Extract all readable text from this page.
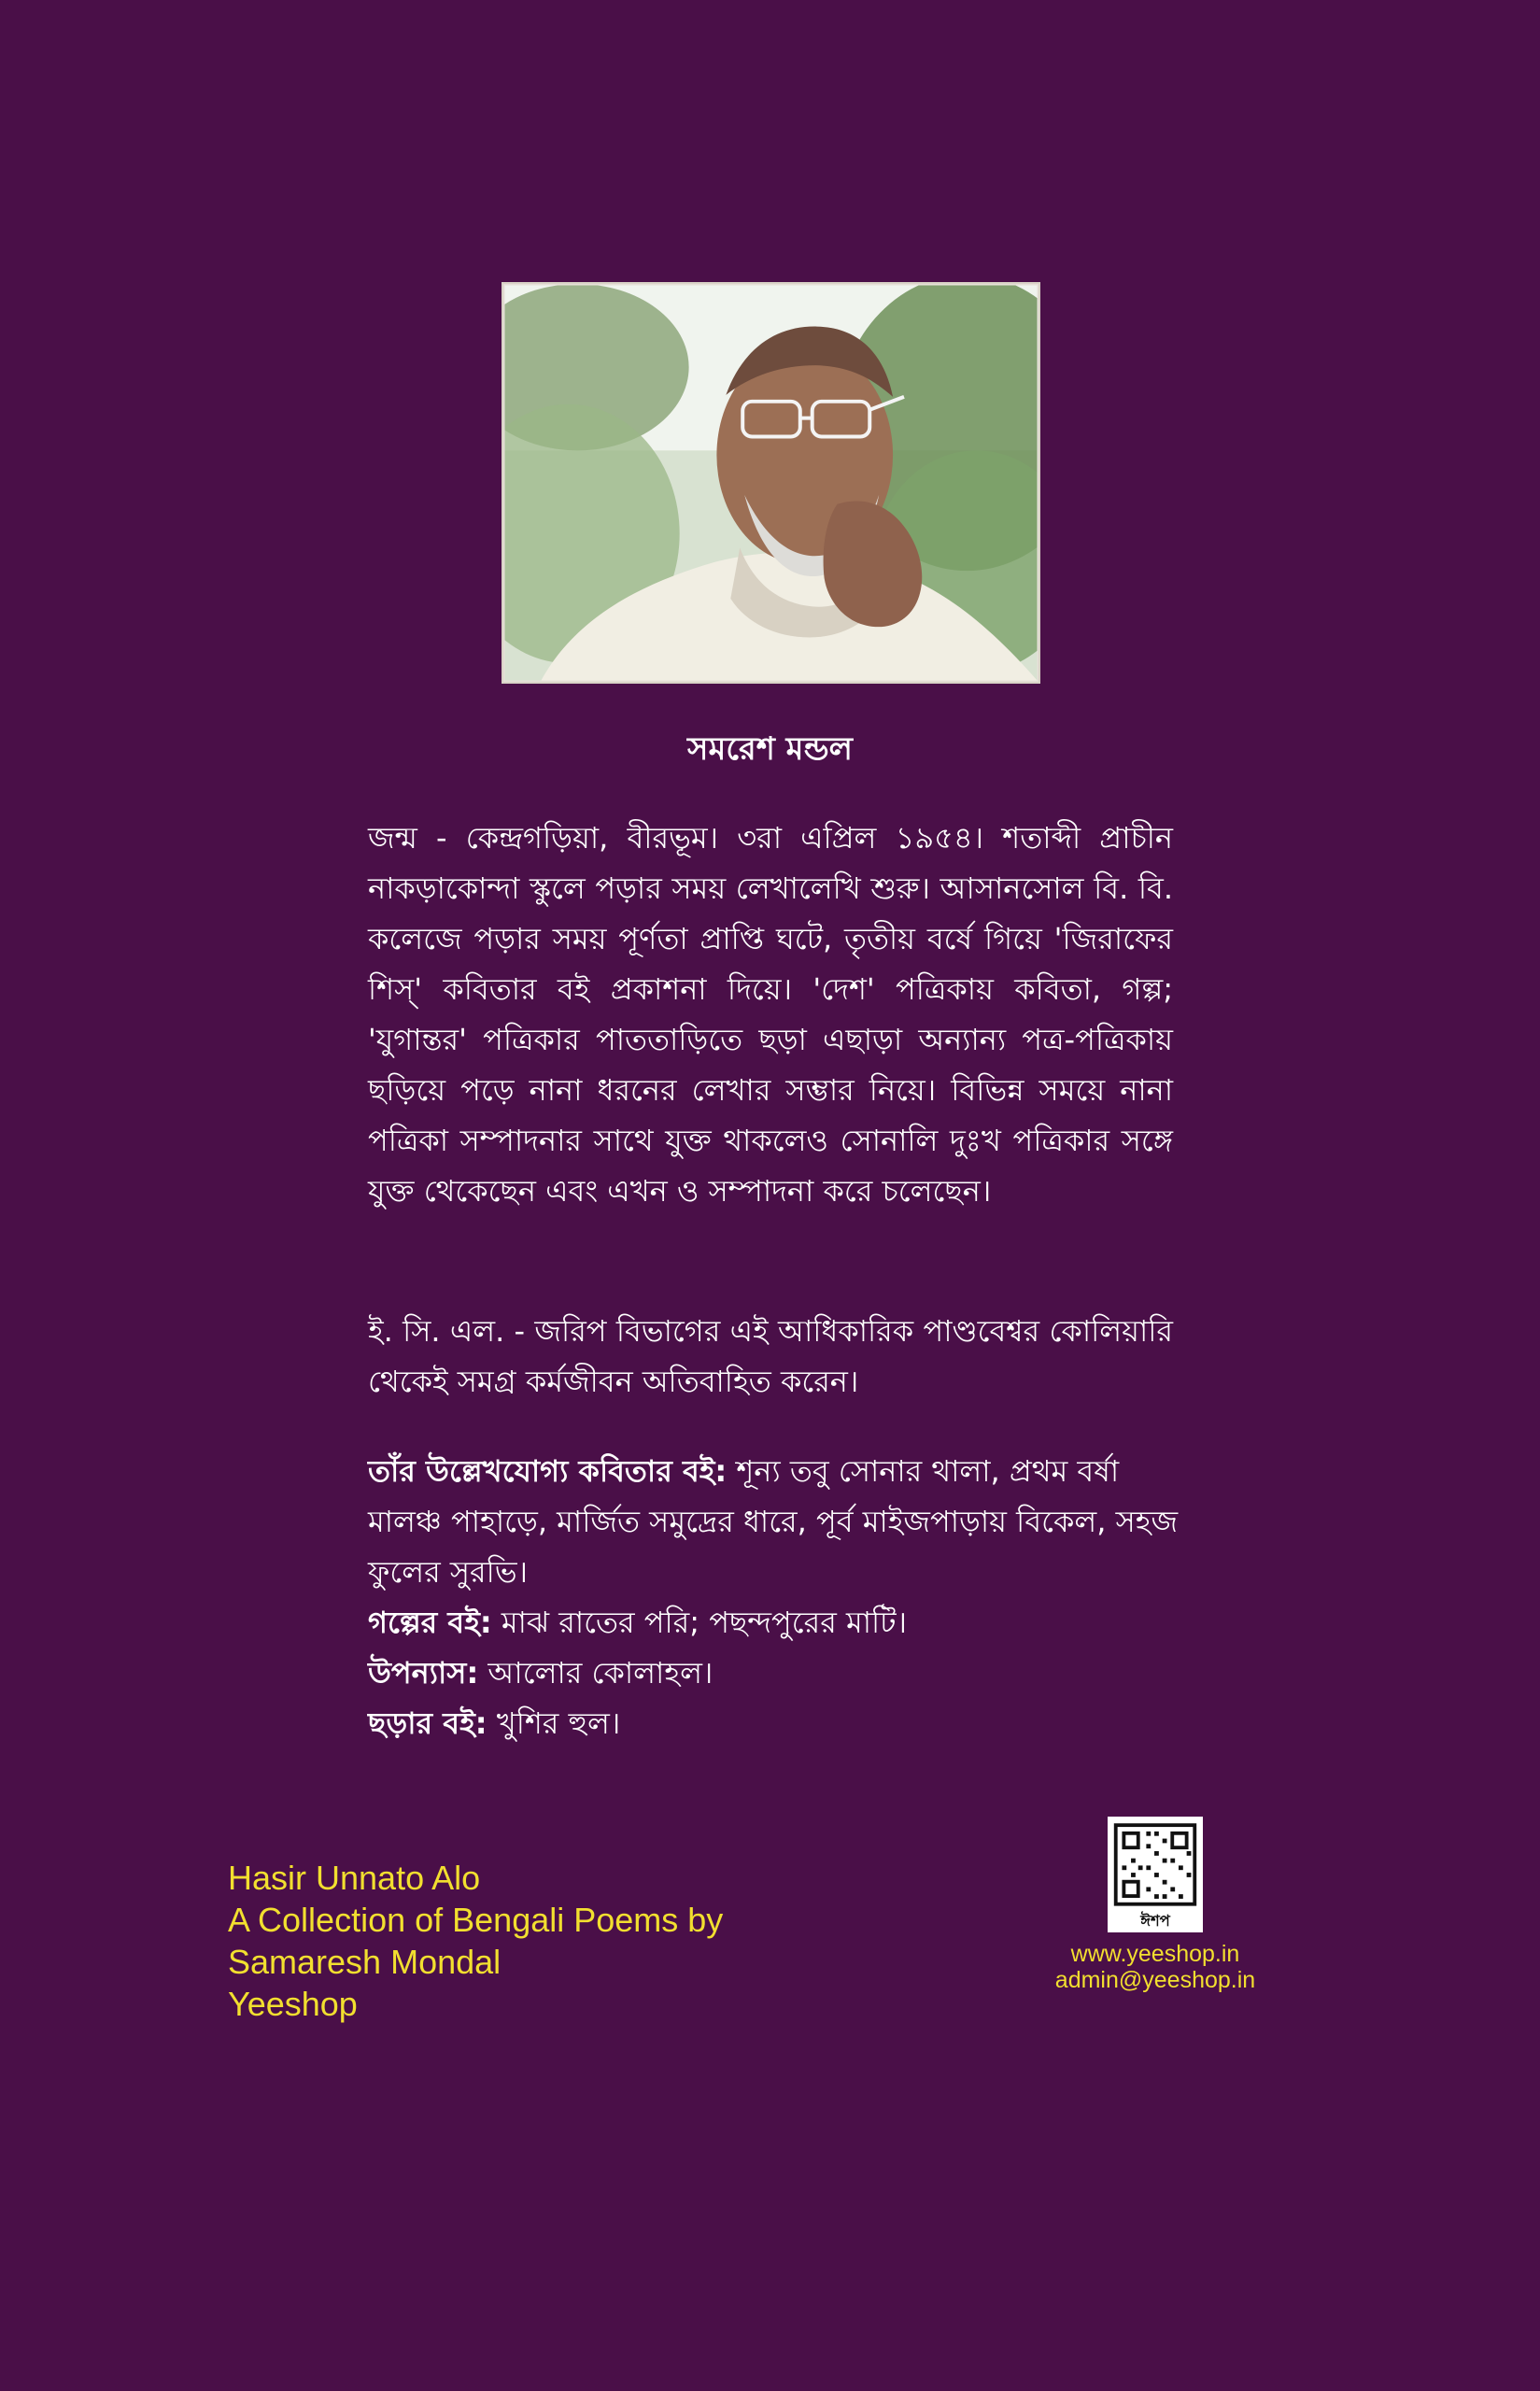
সমরেশ মন্ডল
জন্ম - কেন্দ্রগড়িয়া, বীরভূম। ৩রা এপ্রিল ১৯৫৪। শতাব্দী প্রাচীন নাকড়াকোন্দা স্কুলে পড়ার সময় লেখালেখি শুরু। আসানসোল বি. বি. কলেজে পড়ার সময় পূর্ণতা প্রাপ্তি ঘটে, তৃতীয় বর্ষে গিয়ে 'জিরাফের শিস্' কবিতার বই প্রকাশনা দিয়ে। 'দেশ' পত্রিকায় কবিতা, গল্প; 'যুগান্তর' পত্রিকার পাততাড়িতে ছড়া এছাড়া অন্যান্য পত্র-পত্রিকায় ছড়িয়ে পড়ে নানা ধরনের লেখার সম্ভার নিয়ে। বিভিন্ন সময়ে নানা পত্রিকা সম্পাদনার সাথে যুক্ত থাকলেও সোনালি দুঃখ পত্রিকার সঙ্গে যুক্ত থেকেছেন এবং এখন ও সম্পাদনা করে চলেছেন।
ই. সি. এল. - জরিপ বিভাগের এই আধিকারিক পাণ্ডবেশ্বর কোলিয়ারি থেকেই সমগ্র কর্মজীবন অতিবাহিত করেন।

তাঁর উল্লেখযোগ্য কবিতার বই: শূন্য তবু সোনার থালা, প্রথম বর্ষা মালঞ্চ পাহাড়ে, মার্জিত সমুদ্রের ধারে, পূর্ব মাইজপাড়ায় বিকেল, সহজ ফুলের সুরভি।

গল্পের বই: মাঝ রাতের পরি; পছন্দপুরের মাটি।

উপন্যাস: আলোর কোলাহল।

ছড়ার বই: খুশির হুল।

Hasir Unnato Alo
A Collection of Bengali Poems by
Samaresh Mondal
Yeeshop
ঈশপ
www.yeeshop.in
admin@yeeshop.in
